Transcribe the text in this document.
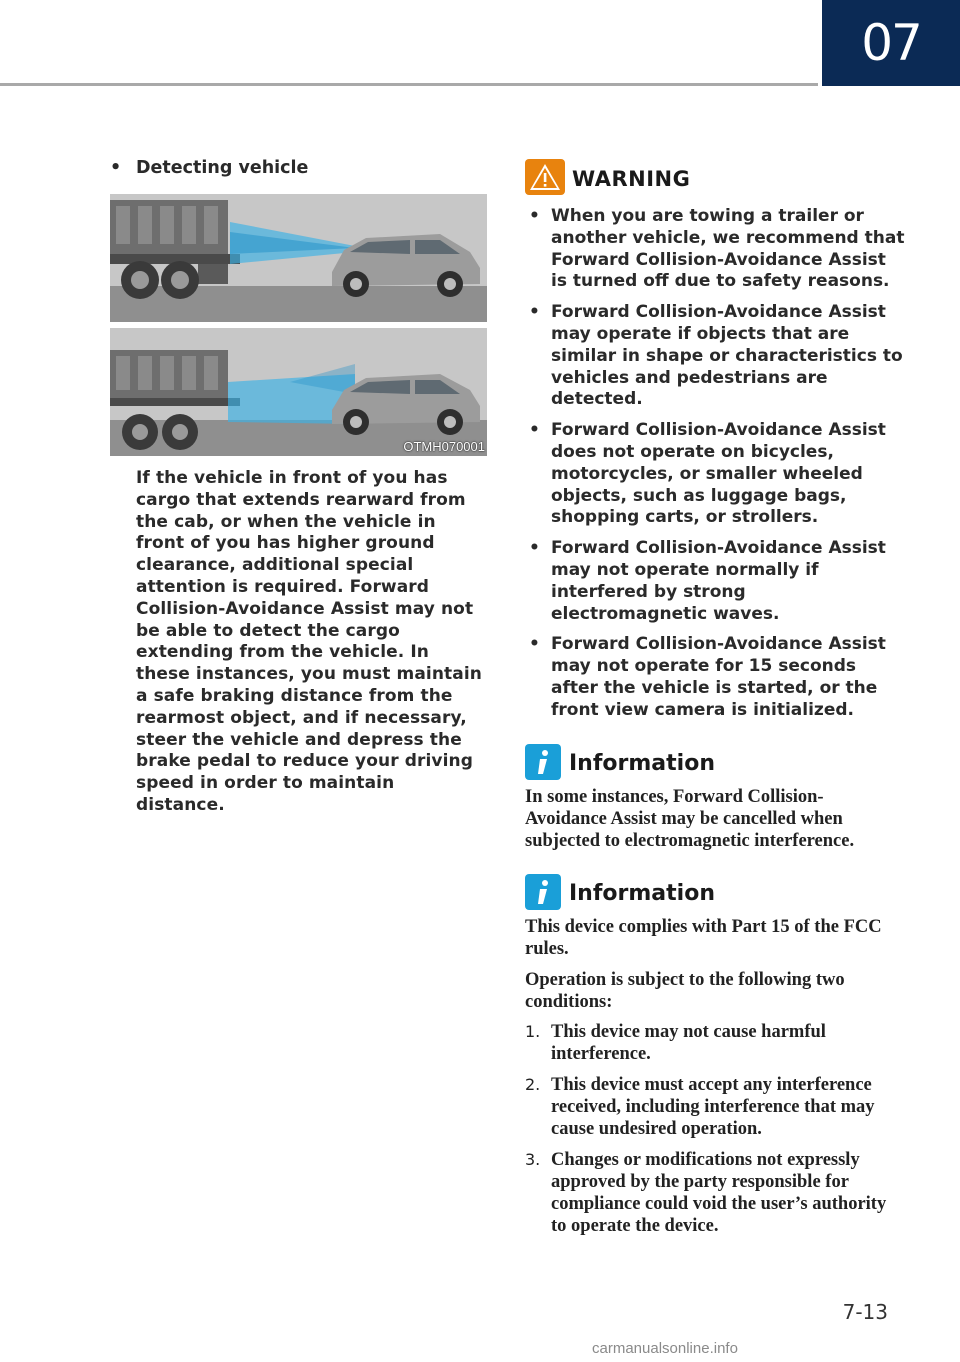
07
• Detecting vehicle
OTMH070001

If the vehicle in front of you has cargo that extends rearward from the cab, or when the vehicle in front of you has higher ground clearance, additional special attention is required. Forward Collision-Avoidance Assist may not be able to detect the cargo extending from the vehicle. In these instances, you must maintain a safe braking distance from the rearmost object, and if necessary, steer the vehicle and depress the brake pedal to reduce your driving speed in order to maintain distance.

WARNING
• When you are towing a trailer or another vehicle, we recommend that Forward Collision-Avoidance Assist is turned off due to safety reasons.
• Forward Collision-Avoidance Assist may operate if objects that are similar in shape or characteristics to vehicles and pedestrians are detected.
• Forward Collision-Avoidance Assist does not operate on bicycles, motorcycles, or smaller wheeled objects, such as luggage bags, shopping carts, or strollers.
• Forward Collision-Avoidance Assist may not operate normally if interfered by strong electromagnetic waves.
• Forward Collision-Avoidance Assist may not operate for 15 seconds after the vehicle is started, or the front view camera is initialized.
Information

In some instances, Forward Collision-Avoidance Assist may be cancelled when subjected to electromagnetic interference.

Information

This device complies with Part 15 of the FCC rules.

Operation is subject to the following two conditions:

1. This device may not cause harmful interference.
2. This device must accept any interference received, including interference that may cause undesired operation.
3. Changes or modifications not expressly approved by the party responsible for compliance could void the user’s authority to operate the device.
7-13
carmanualsonline.info
